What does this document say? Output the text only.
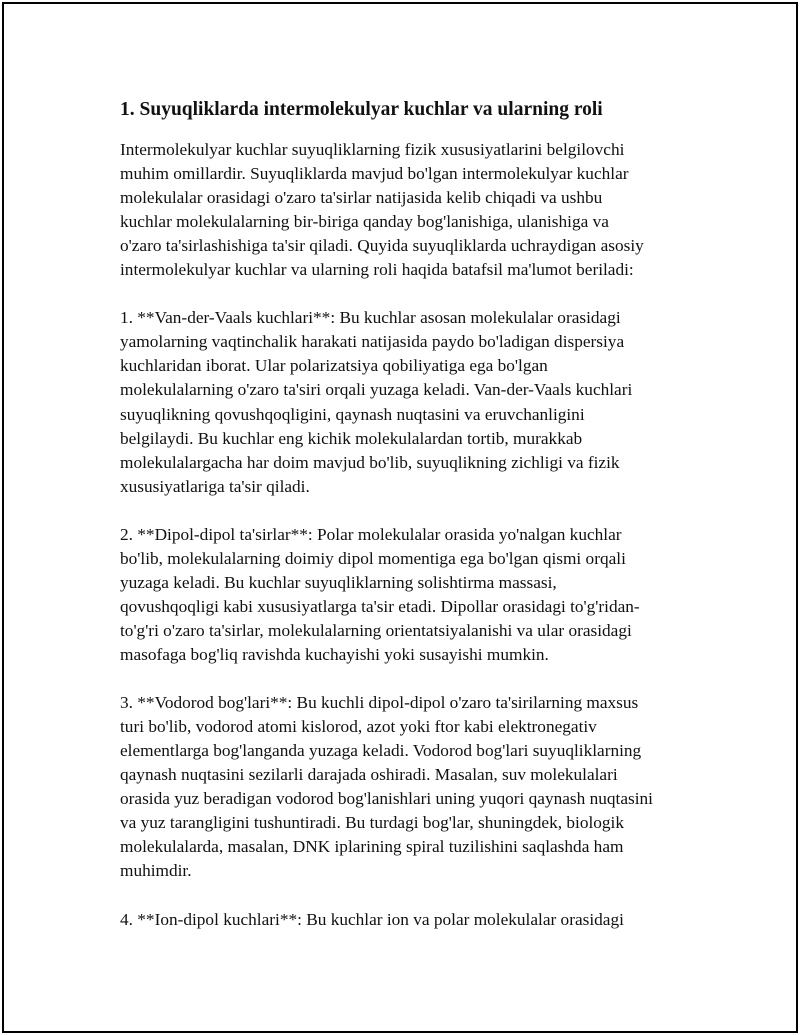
1. Suyuqliklarda intermolekulyar kuchlar va ularning roli
Intermolekulyar kuchlar suyuqliklarning fizik xususiyatlarini belgilovchi
muhim omillardir. Suyuqliklarda mavjud bo'lgan intermolekulyar kuchlar
molekulalar orasidagi o'zaro ta'sirlar natijasida kelib chiqadi va ushbu
kuchlar molekulalarning bir-biriga qanday bog'lanishiga, ulanishiga va
o'zaro ta'sirlashishiga ta'sir qiladi. Quyida suyuqliklarda uchraydigan asosiy
intermolekulyar kuchlar va ularning roli haqida batafsil ma'lumot beriladi:
1. **Van-der-Vaals kuchlari**: Bu kuchlar asosan molekulalar orasidagi
yamolarning vaqtinchalik harakati natijasida paydo bo'ladigan dispersiya
kuchlaridan iborat. Ular polarizatsiya qobiliyatiga ega bo'lgan
molekulalarning o'zaro ta'siri orqali yuzaga keladi. Van-der-Vaals kuchlari
suyuqlikning qovushqoqligini, qaynash nuqtasini va eruvchanligini
belgilaydi. Bu kuchlar eng kichik molekulalardan tortib, murakkab
molekulalargacha har doim mavjud bo'lib, suyuqlikning zichligi va fizik
xususiyatlariga ta'sir qiladi.
2. **Dipol-dipol ta'sirlar**: Polar molekulalar orasida yo'nalgan kuchlar
bo'lib, molekulalarning doimiy dipol momentiga ega bo'lgan qismi orqali
yuzaga keladi. Bu kuchlar suyuqliklarning solishtirma massasi,
qovushqoqligi kabi xususiyatlarga ta'sir etadi. Dipollar orasidagi to'g'ridan-
to'g'ri o'zaro ta'sirlar, molekulalarning orientatsiyalanishi va ular orasidagi
masofaga bog'liq ravishda kuchayishi yoki susayishi mumkin.
3. **Vodorod bog'lari**: Bu kuchli dipol-dipol o'zaro ta'sirilarning maxsus
turi bo'lib, vodorod atomi kislorod, azot yoki ftor kabi elektronegativ
elementlarga bog'langanda yuzaga keladi. Vodorod bog'lari suyuqliklarning
qaynash nuqtasini sezilarli darajada oshiradi. Masalan, suv molekulalari
orasida yuz beradigan vodorod bog'lanishlari uning yuqori qaynash nuqtasini
va yuz tarangligini tushuntiradi. Bu turdagi bog'lar, shuningdek, biologik
molekulalarda, masalan, DNK iplarining spiral tuzilishini saqlashda ham
muhimdir.
4. **Ion-dipol kuchlari**: Bu kuchlar ion va polar molekulalar orasidagi
